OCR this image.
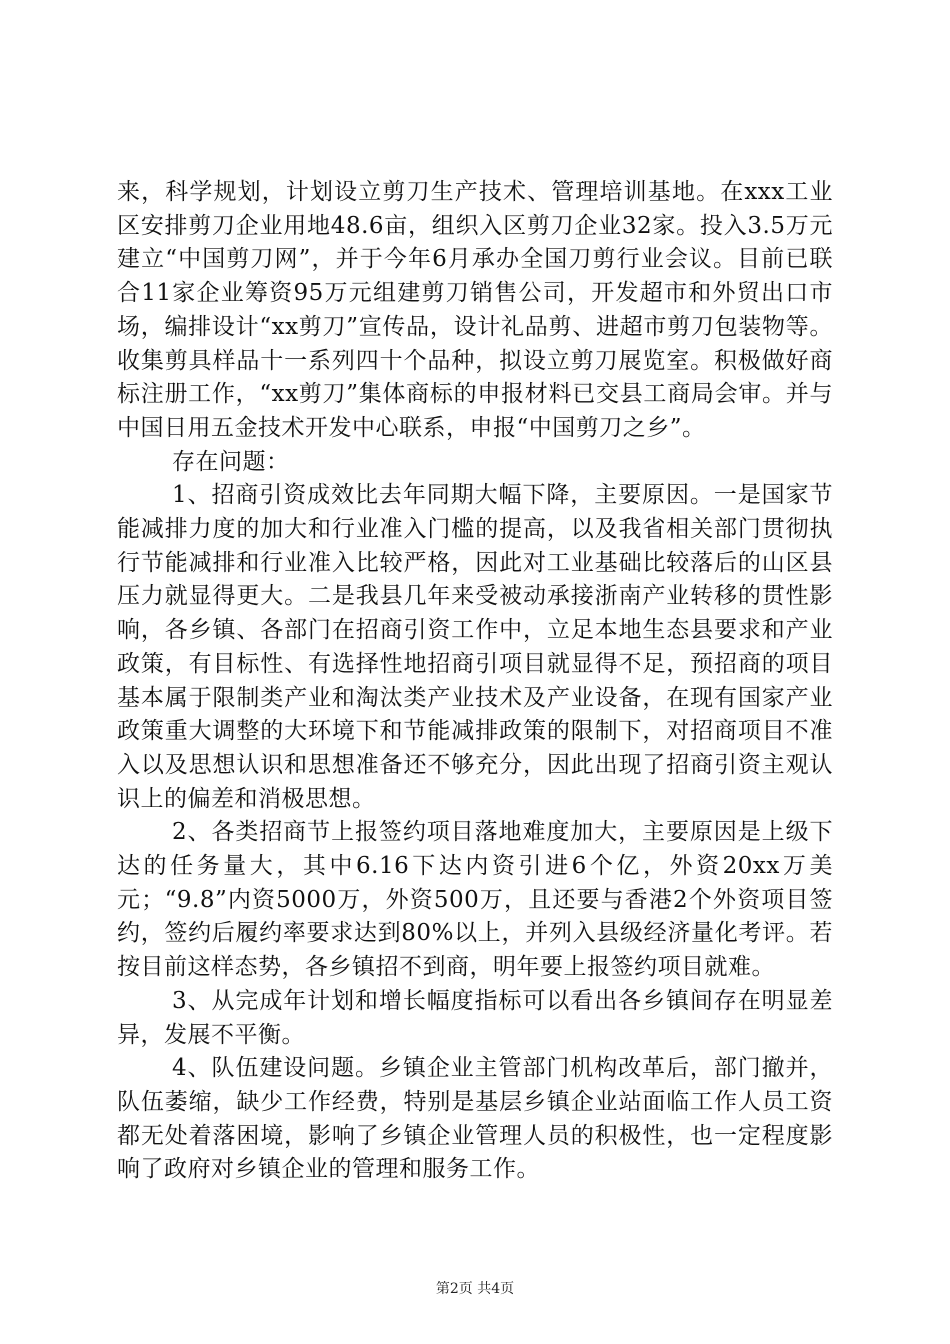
来，科学规划，计划设立剪刀生产技术、管理培训基地。在xxx工业区安排剪刀企业用地48.6亩，组织入区剪刀企业32家。投入3.5万元建立“中国剪刀网”，并于今年6月承办全国刀剪行业会议。目前已联合11家企业筹资95万元组建剪刀销售公司，开发超市和外贸出口市场，编排设计“xx剪刀”宣传品，设计礼品剪、进超市剪刀包装物等。收集剪具样品十一系列四十个品种，拟设立剪刀展览室。积极做好商标注册工作，“xx剪刀”集体商标的申报材料已交县工商局会审。并与中国日用五金技术开发中心联系，申报“中国剪刀之乡”。

存在问题：

1、招商引资成效比去年同期大幅下降，主要原因。一是国家节能减排力度的加大和行业准入门槛的提高，以及我省相关部门贯彻执行节能减排和行业准入比较严格，因此对工业基础比较落后的山区县压力就显得更大。二是我县几年来受被动承接浙南产业转移的贯性影响，各乡镇、各部门在招商引资工作中，立足本地生态县要求和产业政策，有目标性、有选择性地招商引项目就显得不足，预招商的项目基本属于限制类产业和淘汰类产业技术及产业设备，在现有国家产业政策重大调整的大环境下和节能减排政策的限制下，对招商项目不准入以及思想认识和思想准备还不够充分，因此出现了招商引资主观认识上的偏差和消极思想。

2、各类招商节上报签约项目落地难度加大，主要原因是上级下达的任务量大，其中6.16下达内资引进6个亿，外资20xx万美元；“9.8”内资5000万，外资500万，且还要与香港2个外资项目签约，签约后履约率要求达到80%以上，并列入县级经济量化考评。若按目前这样态势，各乡镇招不到商，明年要上报签约项目就难。

3、从完成年计划和增长幅度指标可以看出各乡镇间存在明显差异，发展不平衡。

4、队伍建设问题。乡镇企业主管部门机构改革后，部门撤并，队伍萎缩，缺少工作经费，特别是基层乡镇企业站面临工作人员工资都无处着落困境，影响了乡镇企业管理人员的积极性，也一定程度影响了政府对乡镇企业的管理和服务工作。

第2页 共4页
